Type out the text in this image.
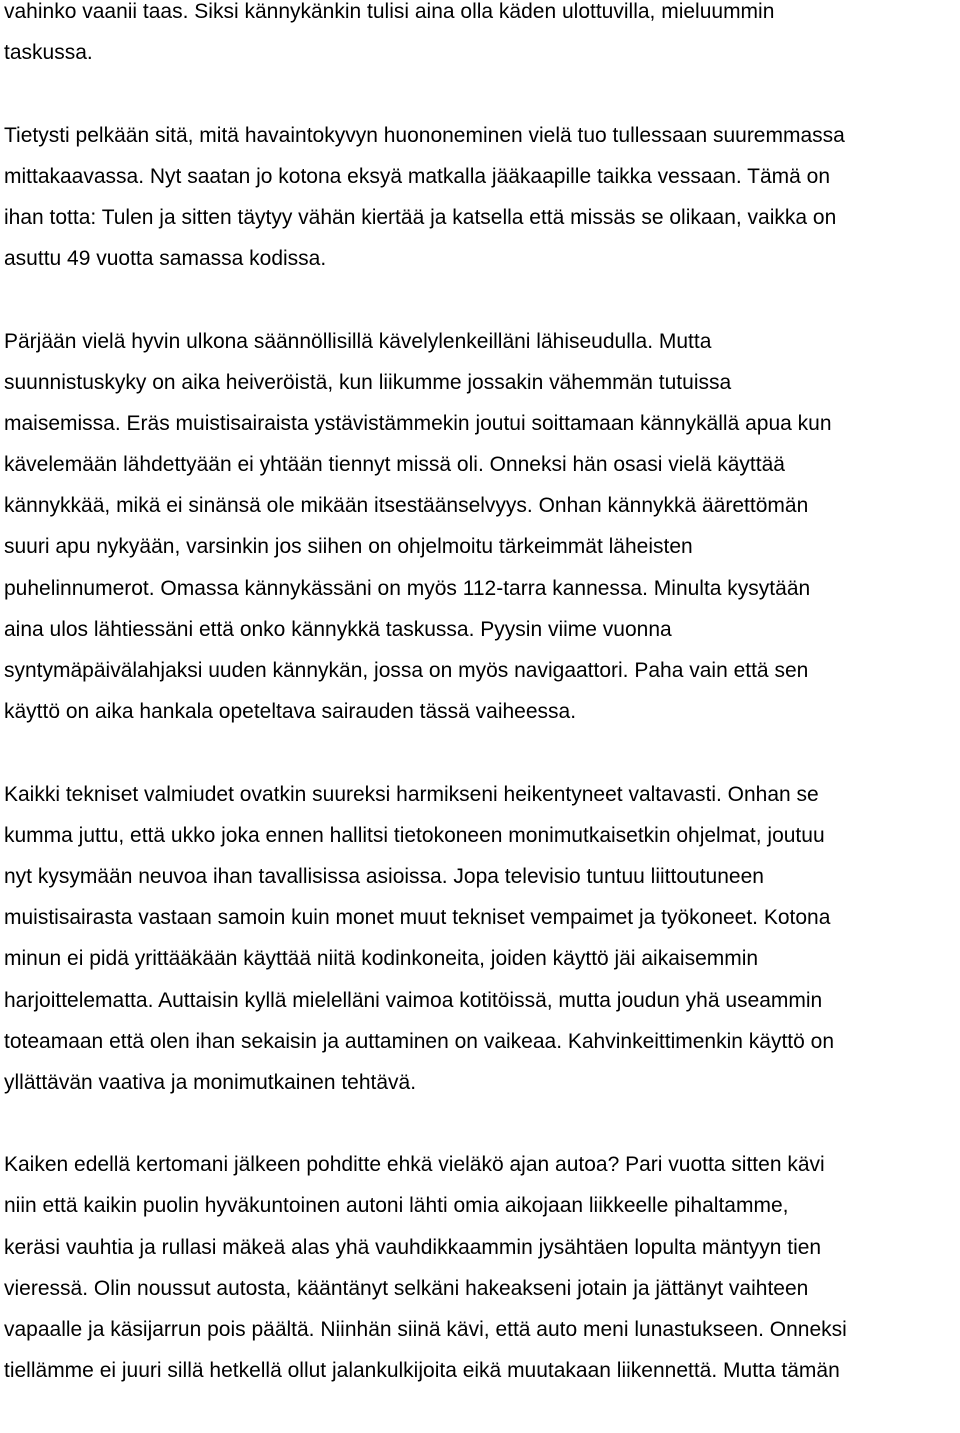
vahinko vaanii taas. Siksi kännykänkin tulisi aina olla käden ulottuvilla, mieluummin
taskussa.
Tietysti pelkään sitä, mitä havaintokyvyn huononeminen vielä tuo tullessaan suuremmassa
mittakaavassa. Nyt saatan jo kotona eksyä matkalla jääkaapille taikka vessaan. Tämä on
ihan totta: Tulen ja sitten täytyy vähän kiertää ja katsella että missäs se olikaan, vaikka on
asuttu 49 vuotta samassa kodissa.
Pärjään vielä hyvin ulkona säännöllisillä kävelylenkeilläni lähiseudulla. Mutta
suunnistuskyky on aika heiveröistä, kun liikumme jossakin vähemmän tutuissa
maisemissa. Eräs muistisairaista ystävistämmekin joutui soittamaan kännykällä apua kun
kävelemään lähdettyään ei yhtään tiennyt missä oli. Onneksi hän osasi vielä käyttää
kännykkää, mikä ei sinänsä ole mikään itsestäänselvyys. Onhan kännykkä äärettömän
suuri apu nykyään, varsinkin jos siihen on ohjelmoitu tärkeimmät läheisten
puhelinnumerot. Omassa kännykässäni on myös 112-tarra kannessa. Minulta kysytään
aina ulos lähtiessäni että onko kännykkä taskussa. Pyysin viime vuonna
syntymäpäivälahjaksi uuden kännykän, jossa on myös navigaattori. Paha vain että sen
käyttö on aika hankala opeteltava sairauden tässä vaiheessa.
Kaikki tekniset valmiudet ovatkin suureksi harmikseni heikentyneet valtavasti. Onhan se
kumma juttu, että ukko joka ennen hallitsi tietokoneen monimutkaisetkin ohjelmat, joutuu
nyt kysymään neuvoa ihan tavallisissa asioissa. Jopa televisio tuntuu liittoutuneen
muistisairasta vastaan samoin kuin monet muut tekniset vempaimet ja työkoneet. Kotona
minun ei pidä yrittääkään käyttää niitä kodinkoneita, joiden käyttö jäi aikaisemmin
harjoittelematta. Auttaisin kyllä mielelläni vaimoa kotitöissä, mutta joudun yhä useammin
toteamaan että olen ihan sekaisin ja auttaminen on vaikeaa. Kahvinkeittimenkin käyttö on
yllättävän vaativa ja monimutkainen tehtävä.
Kaiken edellä kertomani jälkeen pohditte ehkä vieläkö ajan autoa? Pari vuotta sitten kävi
niin että kaikin puolin hyväkuntoinen autoni lähti omia aikojaan liikkeelle pihaltamme,
keräsi vauhtia ja rullasi mäkeä alas yhä vauhdikkaammin jysähtäen lopulta mäntyyn tien
vieressä. Olin noussut autosta, kääntänyt selkäni hakeakseni jotain ja jättänyt vaihteen
vapaalle ja käsijarrun pois päältä. Niinhän siinä kävi, että auto meni lunastukseen. Onneksi
tiellämme ei juuri sillä hetkellä ollut jalankulkijoita eikä muutakaan liikennettä. Mutta tämän
